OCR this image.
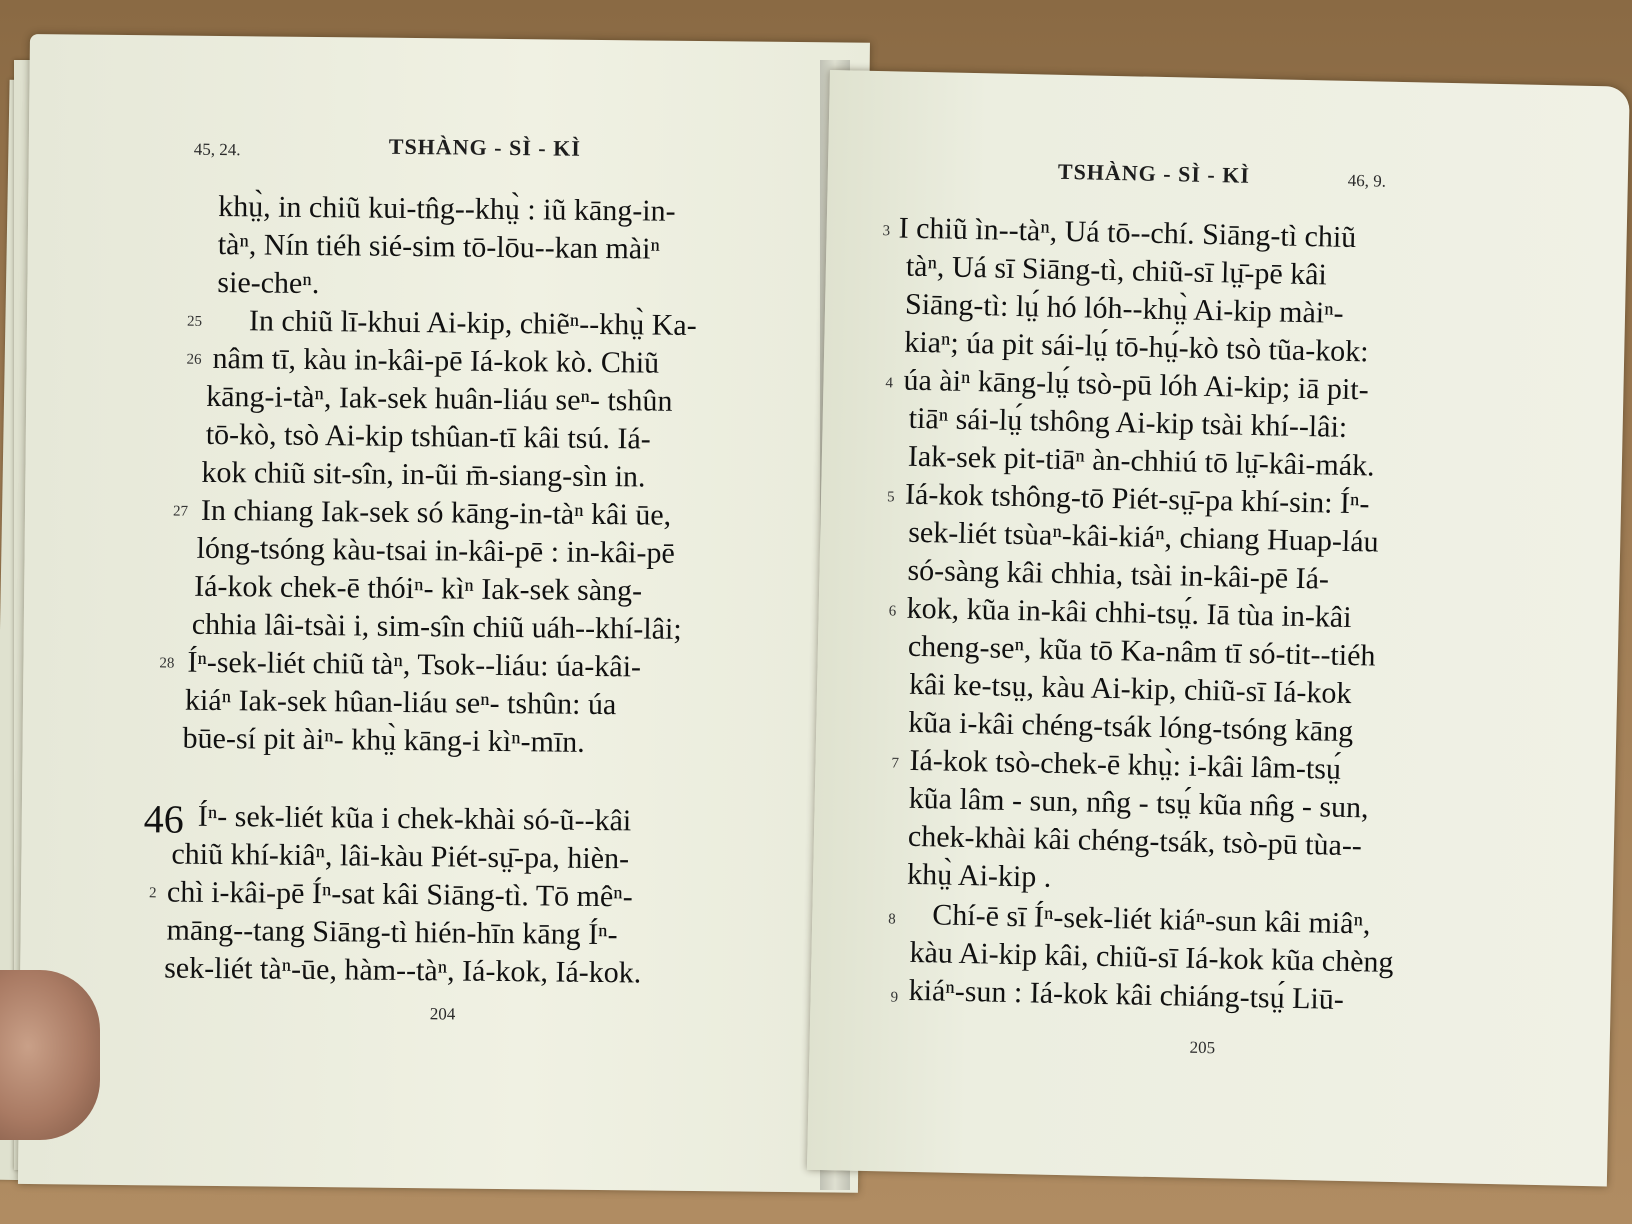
45, 24.	TSHÀNG - SÌ - KÌ
khṳ̀, in chiũ kui-tn̂g--khṳ̀ : iũ kāng-in-
tàⁿ, Nín tiéh sié-sim tō-lōu--kan màiⁿ
sie-cheⁿ.
25 In chiũ lī-khui Ai-kip, chiẽⁿ--khṳ̀ Ka-
26 nâm tī, kàu in-kâi-pē Iá-kok kò. Chiũ
kāng-i-tàⁿ, Iak-sek huân-liáu seⁿ- tshûn
tō-kò, tsò Ai-kip tshûan-tī kâi tsú. Iá-
kok chiũ sit-sîn, in-ũi m̄-siang-sìn in.
27 In chiang Iak-sek só kāng-in-tàⁿ kâi ūe,
lóng-tsóng kàu-tsai in-kâi-pē : in-kâi-pē
Iá-kok chek-ē thóiⁿ- kìⁿ Iak-sek sàng-
chhia lâi-tsài i, sim-sîn chiũ uáh--khí-lâi;
28 Íⁿ-sek-liét chiũ tàⁿ, Tsok--liáu: úa-kâi-
kiáⁿ Iak-sek hûan-liáu seⁿ- tshûn: úa
būe-sí pit àiⁿ- khṳ̀ kāng-i kìⁿ-mīn.
46 Íⁿ- sek-liét kũa i chek-khài só-ũ--kâi
chiũ khí-kiâⁿ, lâi-kàu Piét-sṳ̄-pa, hièn-
2 chì i-kâi-pē Íⁿ-sat kâi Siāng-tì. Tō mêⁿ-
māng--tang Siāng-tì hién-hīn kāng Íⁿ-
sek-liét tàⁿ-ūe, hàm--tàⁿ, Iá-kok, Iá-kok.
204
TSHÀNG - SÌ - KÌ	46, 9.
3 I chiũ ìn--tàⁿ, Uá tō--chí. Siāng-tì chiũ
tàⁿ, Uá sī Siāng-tì, chiũ-sī lṳ̄-pē kâi
Siāng-tì: lṳ́ hó lóh--khṳ̀ Ai-kip màiⁿ-
kiaⁿ; úa pit sái-lṳ́ tō-hṳ́-kò tsò tũa-kok:
4 úa àiⁿ kāng-lṳ́ tsò-pū lóh Ai-kip; iā pit-
tiāⁿ sái-lṳ́ tshông Ai-kip tsài khí--lâi:
Iak-sek pit-tiāⁿ àn-chhiú tō lṳ̄-kâi-mák.
5 Iá-kok tshông-tō Piét-sṳ̄-pa khí-sin: Íⁿ-
sek-liét tsùaⁿ-kâi-kiáⁿ, chiang Huap-láu
só-sàng kâi chhia, tsài in-kâi-pē Iá-
6 kok, kũa in-kâi chhi-tsṳ́. Iā tùa in-kâi
cheng-seⁿ, kũa tō Ka-nâm tī só-tit--tiéh
kâi ke-tsṳ, kàu Ai-kip, chiũ-sī Iá-kok
kũa i-kâi chéng-tsák lóng-tsóng kāng
7 Iá-kok tsò-chek-ē khṳ̀: i-kâi lâm-tsṳ́
kũa lâm - sun, nn̂g - tsṳ́ kũa nn̂g - sun,
chek-khài kâi chéng-tsák, tsò-pū tùa--
khṳ̀ Ai-kip .
8 Chí-ē sī Íⁿ-sek-liét kiáⁿ-sun kâi miâⁿ,
kàu Ai-kip kâi, chiũ-sī Iá-kok kũa chèng
9 kiáⁿ-sun : Iá-kok kâi chiáng-tsṳ́ Liū-
205
